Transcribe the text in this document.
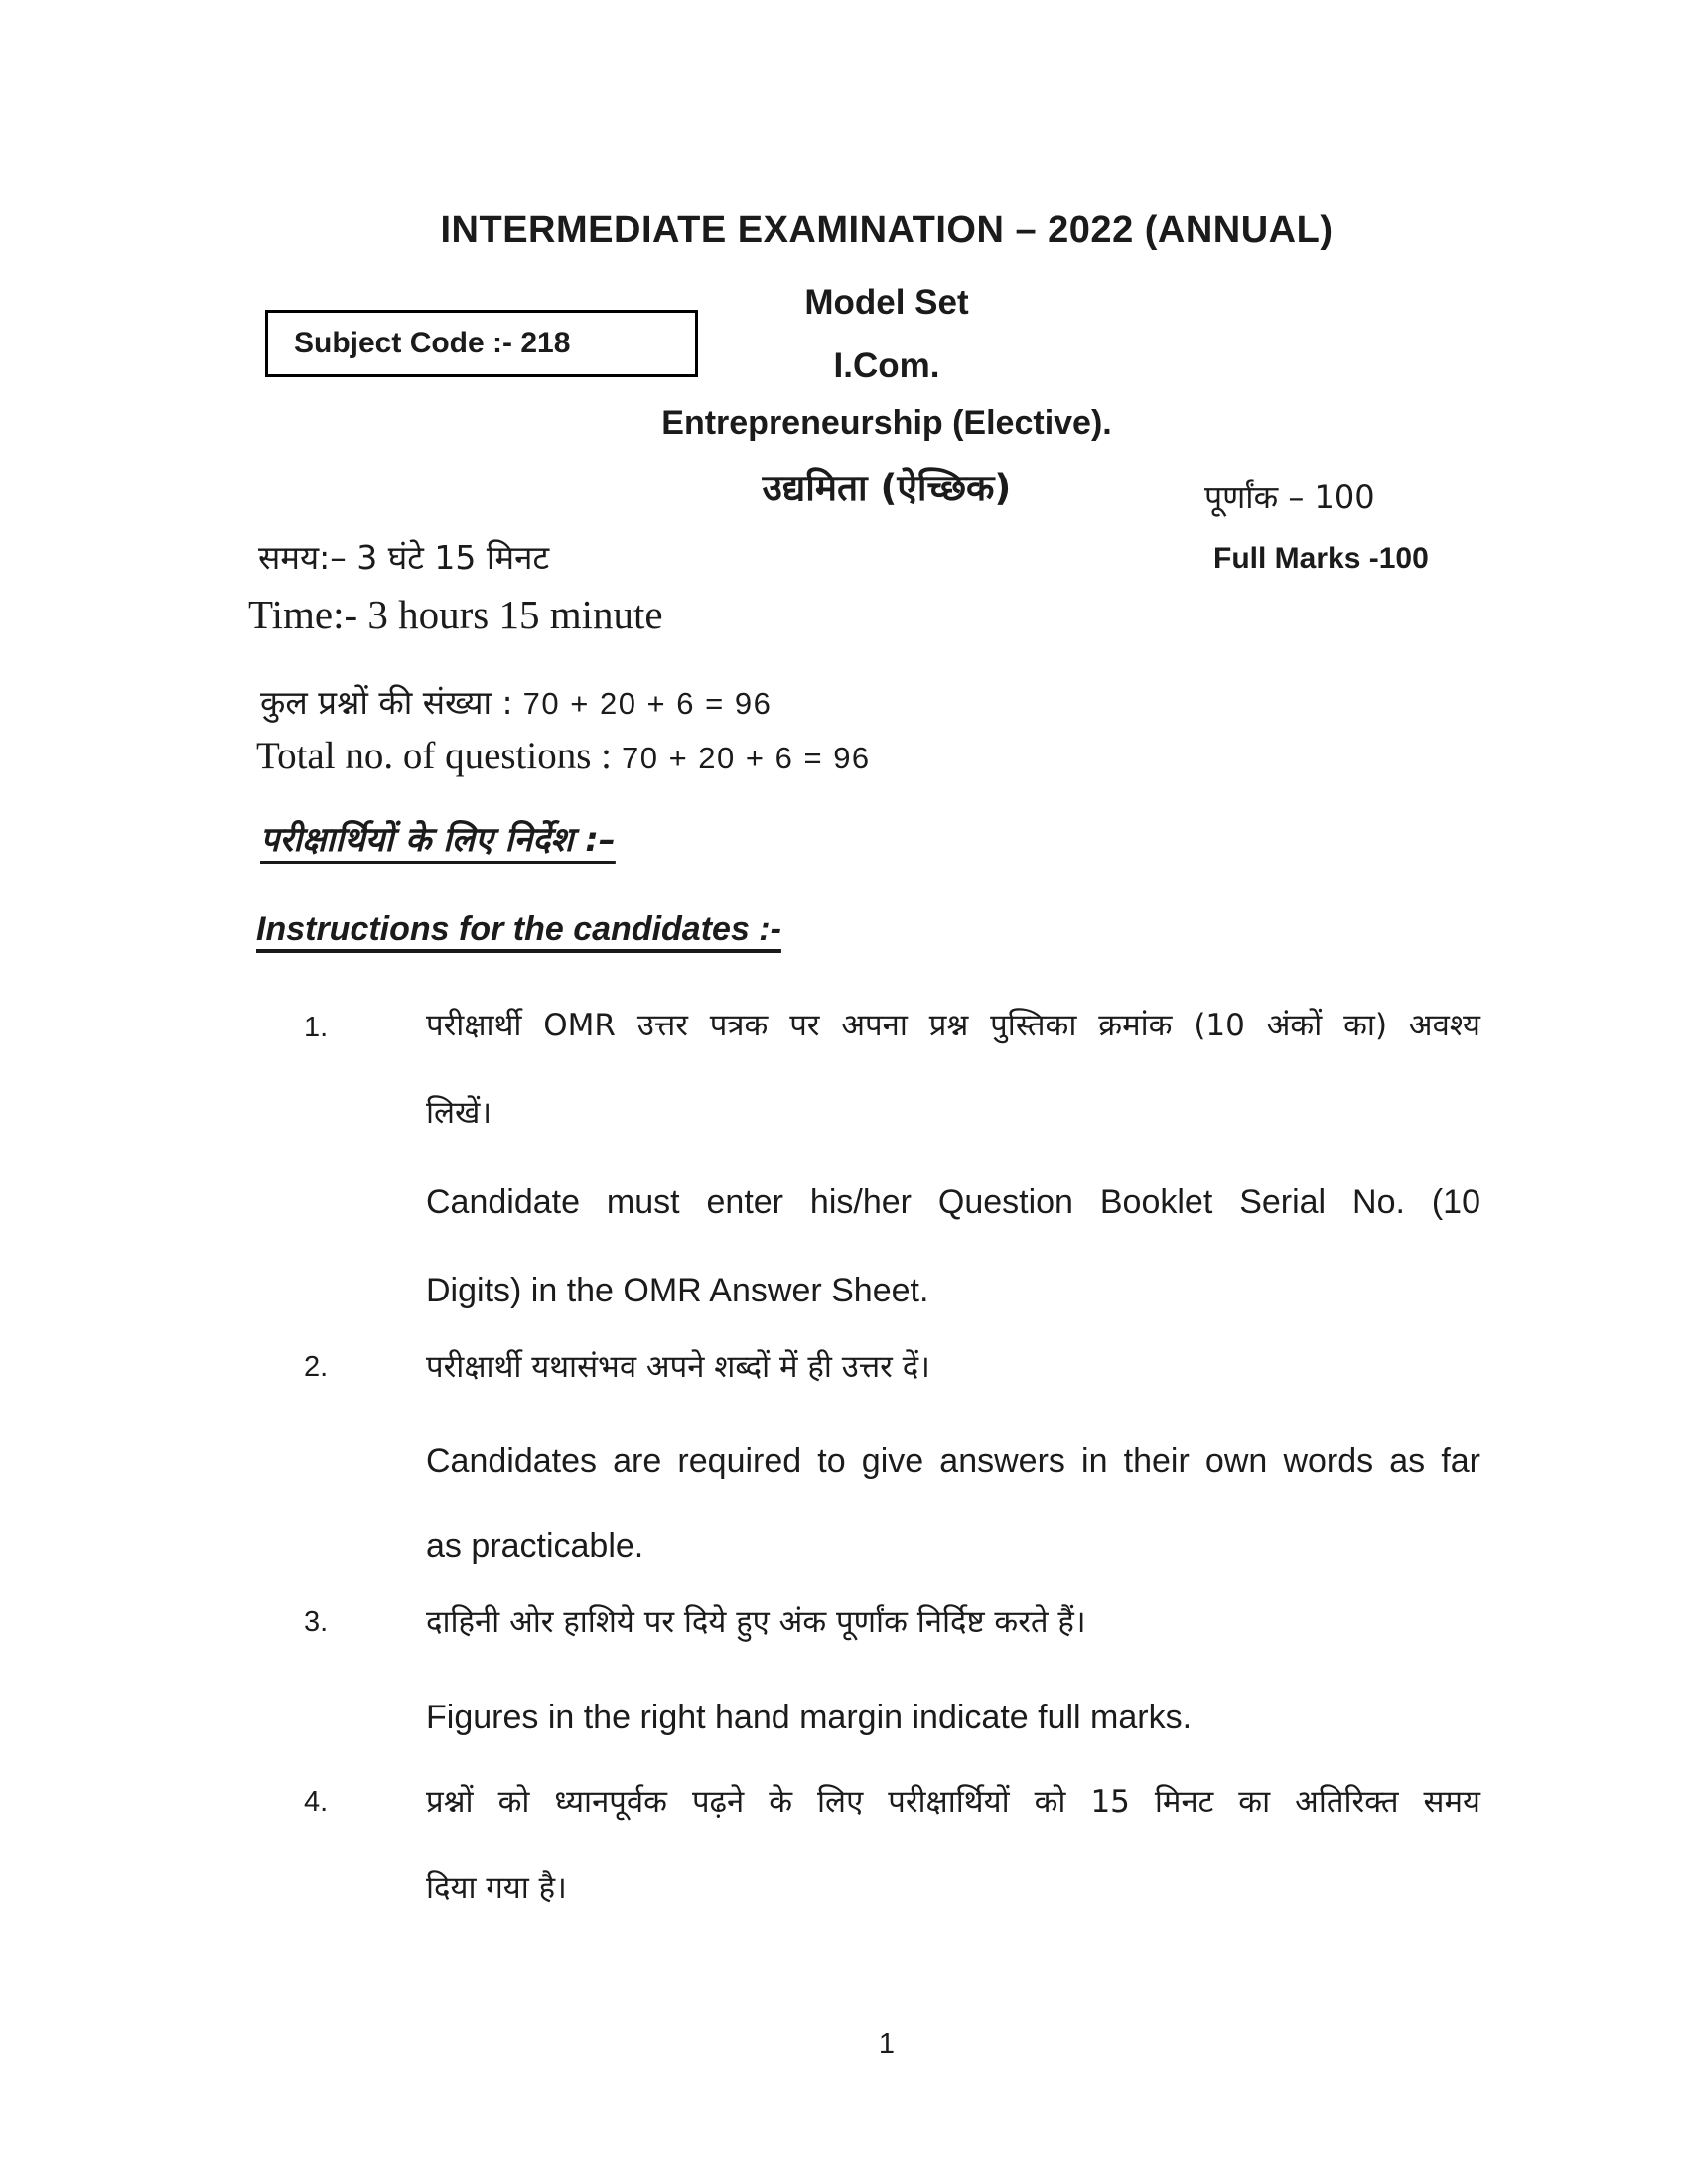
INTERMEDIATE EXAMINATION – 2022 (ANNUAL)
Model Set
Subject Code :- 218
I.Com.
Entrepreneurship (Elective).
उद्यमिता (ऐच्छिक)	पूर्णांक – 100
समय:– 3 घंटे 15 मिनट	Full Marks -100
Time:- 3 hours 15 minute
कुल प्रश्नों की संख्या : 70 + 20 + 6 = 96
Total no. of questions : 70 + 20 + 6 = 96
परीक्षार्थियों के लिए निर्देश :–
Instructions for the candidates :-
1.
2.
3.
4.
परीक्षार्थी OMR उत्तर पत्रक पर अपना प्रश्न पुस्तिका क्रमांक (10 अंकों का) अवश्य
लिखें।
Candidate must enter his/her Question Booklet Serial No. (10
Digits) in the OMR Answer Sheet.
परीक्षार्थी यथासंभव अपने शब्दों में ही उत्तर दें।
Candidates are required to give answers in their own words as far
as practicable.
दाहिनी ओर हाशिये पर दिये हुए अंक पूर्णांक निर्दिष्ट करते हैं।
Figures in the right hand margin indicate full marks.
प्रश्नों को ध्यानपूर्वक पढ़ने के लिए परीक्षार्थियों को 15 मिनट का अतिरिक्त समय
दिया गया है।
1
